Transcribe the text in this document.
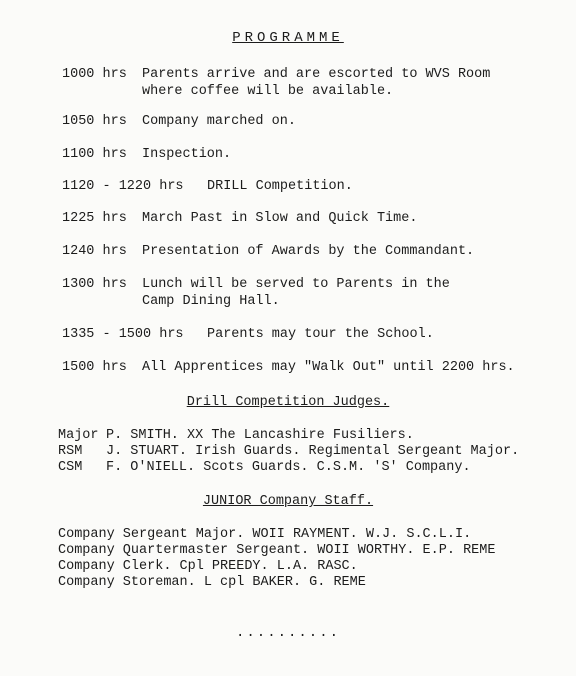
PROGRAMME
1000 hrs Parents arrive and are escorted to WVS Room
where coffee will be available.
1050 hrs Company marched on.
1100 hrs Inspection.
1120 - 1220 hrs DRILL Competition.
1225 hrs March Past in Slow and Quick Time.
1240 hrs Presentation of Awards by the Commandant.
1300 hrs Lunch will be served to Parents in the
Camp Dining Hall.
1335 - 1500 hrs Parents may tour the School.
1500 hrs All Apprentices may "Walk Out" until 2200 hrs.
Drill Competition Judges.
Major P. SMITH. XX The Lancashire Fusiliers.
RSM J. STUART. Irish Guards. Regimental Sergeant Major.
CSM F. O'NIELL. Scots Guards. C.S.M. 'S' Company.
JUNIOR Company Staff.
Company Sergeant Major. WOII RAYMENT. W.J. S.C.L.I.
Company Quartermaster Sergeant. WOII WORTHY. E.P. REME
Company Clerk. Cpl PREEDY. L.A. RASC.
Company Storeman. L cpl BAKER. G. REME
..........
